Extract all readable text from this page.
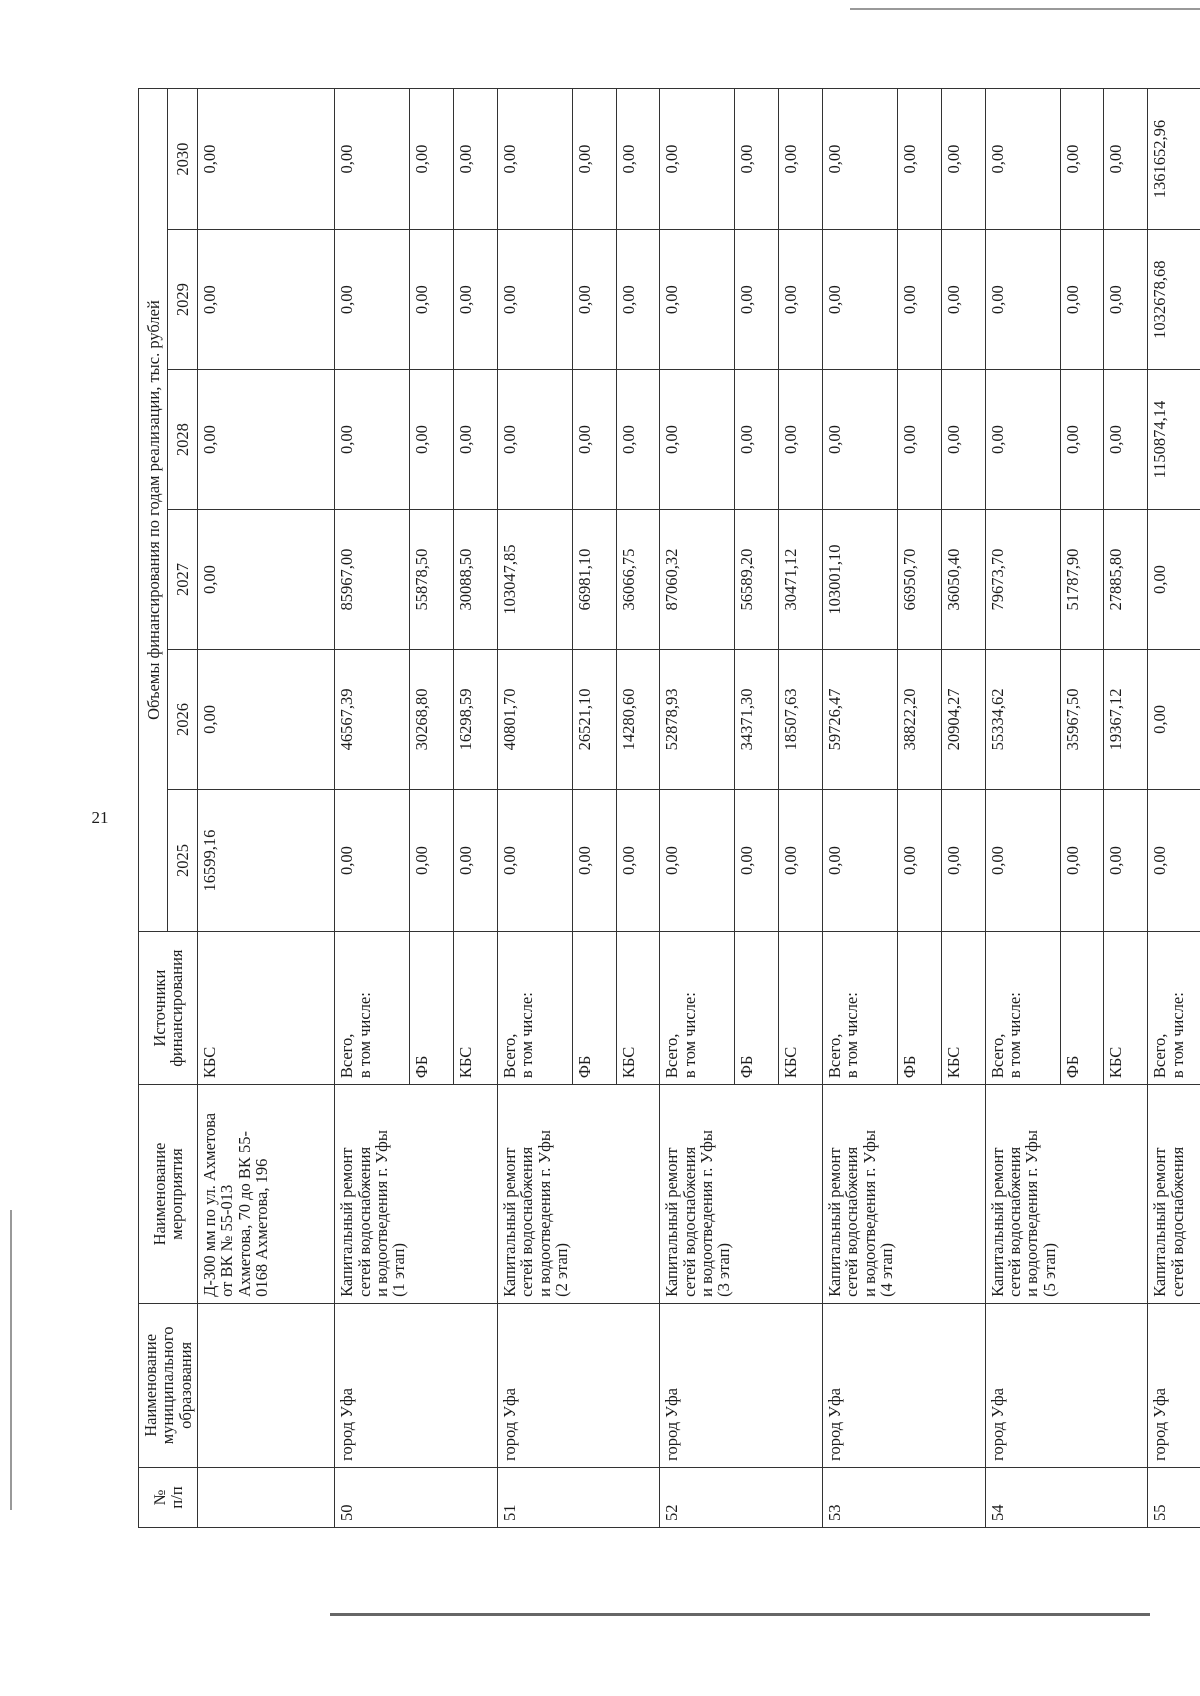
21
№
п/п	Наименование
муниципального
образования	Наименование
мероприятия	Источники
финансирования	Объемы финансирования по годам реализации, тыс. рублей					
				2025	2026	2027	2028	2029	2030
		Д-300 мм по ул. Ахметова
от ВК № 55-013
Ахметова, 70 до ВК 55-
0168 Ахметова, 196	КБС	16599,16	0,00	0,00	0,00	0,00	0,00
50	город Уфа	Капитальный ремонт
сетей водоснабжения
и водоотведения г. Уфы
(1 этап)	Всего,
в том числе:	0,00	46567,39	85967,00	0,00	0,00	0,00
			ФБ	0,00	30268,80	55878,50	0,00	0,00	0,00
			КБС	0,00	16298,59	30088,50	0,00	0,00	0,00
51	город Уфа	Капитальный ремонт
сетей водоснабжения
и водоотведения г. Уфы
(2 этап)	Всего,
в том числе:	0,00	40801,70	103047,85	0,00	0,00	0,00
			ФБ	0,00	26521,10	66981,10	0,00	0,00	0,00
			КБС	0,00	14280,60	36066,75	0,00	0,00	0,00
52	город Уфа	Капитальный ремонт
сетей водоснабжения
и водоотведения г. Уфы
(3 этап)	Всего,
в том числе:	0,00	52878,93	87060,32	0,00	0,00	0,00
			ФБ	0,00	34371,30	56589,20	0,00	0,00	0,00
			КБС	0,00	18507,63	30471,12	0,00	0,00	0,00
53	город Уфа	Капитальный ремонт
сетей водоснабжения
и водоотведения г. Уфы
(4 этап)	Всего,
в том числе:	0,00	59726,47	103001,10	0,00	0,00	0,00
			ФБ	0,00	38822,20	66950,70	0,00	0,00	0,00
			КБС	0,00	20904,27	36050,40	0,00	0,00	0,00
54	город Уфа	Капитальный ремонт
сетей водоснабжения
и водоотведения г. Уфы
(5 этап)	Всего,
в том числе:	0,00	55334,62	79673,70	0,00	0,00	0,00
			ФБ	0,00	35967,50	51787,90	0,00	0,00	0,00
			КБС	0,00	19367,12	27885,80	0,00	0,00	0,00
55	город Уфа	Капитальный ремонт
сетей водоснабжения	Всего,
в том числе:	0,00	0,00	0,00	1150874,14	1032678,68	1361652,96
